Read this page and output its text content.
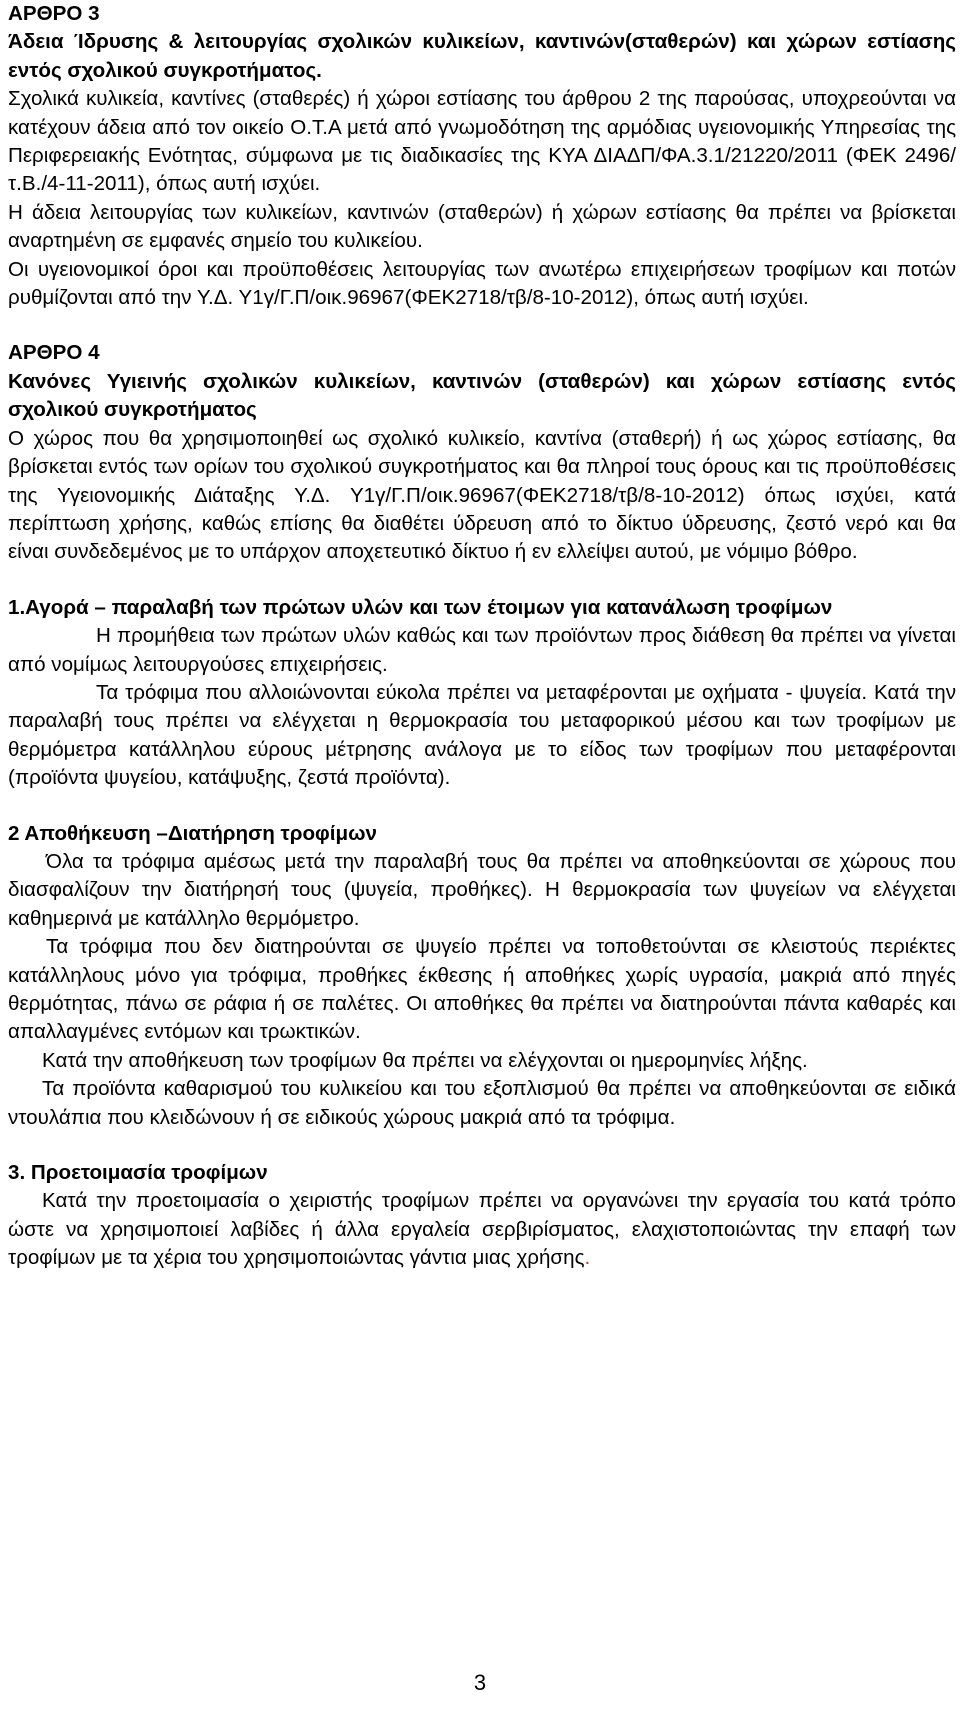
ΑΡΘΡΟ 3

Άδεια Ίδρυσης & λειτουργίας σχολικών κυλικείων, καντινών(σταθερών) και χώρων εστίασης εντός σχολικού συγκροτήματος.

Σχολικά κυλικεία, καντίνες (σταθερές) ή χώροι εστίασης του άρθρου 2 της παρούσας, υποχρεούνται να κατέχουν άδεια από τον οικείο Ο.Τ.Α μετά από γνωμοδότηση της αρμόδιας υγειονομικής Υπηρεσίας της Περιφερειακής Ενότητας, σύμφωνα με τις διαδικασίες της ΚΥΑ ΔΙΑΔΠ/ΦΑ.3.1/21220/2011 (ΦΕΚ 2496/τ.Β./4-11-2011), όπως αυτή ισχύει.

Η άδεια λειτουργίας των κυλικείων, καντινών (σταθερών) ή χώρων εστίασης θα πρέπει να βρίσκεται αναρτημένη σε εμφανές σημείο του κυλικείου.

Οι υγειονομικοί όροι και προϋποθέσεις λειτουργίας των ανωτέρω επιχειρήσεων τροφίμων και ποτών ρυθμίζονται από την Υ.Δ. Υ1γ/Γ.Π/οικ.96967(ΦΕΚ2718/τβ/8-10-2012), όπως αυτή ισχύει.

ΑΡΘΡΟ 4

Κανόνες Υγιεινής σχολικών κυλικείων, καντινών (σταθερών) και χώρων εστίασης εντός σχολικού συγκροτήματος

Ο χώρος που θα χρησιμοποιηθεί ως σχολικό κυλικείο, καντίνα (σταθερή) ή ως χώρος εστίασης, θα βρίσκεται εντός των ορίων του σχολικού συγκροτήματος και θα πληροί τους όρους και τις προϋποθέσεις της Υγειονομικής Διάταξης Υ.Δ. Υ1γ/Γ.Π/οικ.96967(ΦΕΚ2718/τβ/8-10-2012) όπως ισχύει, κατά περίπτωση χρήσης, καθώς επίσης θα διαθέτει ύδρευση από το δίκτυο ύδρευσης, ζεστό νερό και θα είναι συνδεδεμένος με το υπάρχον αποχετευτικό δίκτυο ή εν ελλείψει αυτού, με νόμιμο βόθρο.

1.Αγορά – παραλαβή των πρώτων υλών και των έτοιμων για κατανάλωση τροφίμων

Η προμήθεια των πρώτων υλών καθώς και των προϊόντων προς διάθεση θα πρέπει να γίνεται από νομίμως λειτουργούσες επιχειρήσεις.

Τα τρόφιμα που αλλοιώνονται εύκολα πρέπει να μεταφέρονται με οχήματα - ψυγεία. Κατά την παραλαβή τους πρέπει να ελέγχεται η θερμοκρασία του μεταφορικού μέσου και των τροφίμων με θερμόμετρα κατάλληλου εύρους μέτρησης ανάλογα με το είδος των τροφίμων που μεταφέρονται (προϊόντα ψυγείου, κατάψυξης, ζεστά προϊόντα).

2 Αποθήκευση –Διατήρηση τροφίμων

Όλα τα τρόφιμα αμέσως μετά την παραλαβή τους θα πρέπει να αποθηκεύονται σε χώρους που διασφαλίζουν την διατήρησή τους (ψυγεία, προθήκες). Η θερμοκρασία των ψυγείων να ελέγχεται καθημερινά με κατάλληλο θερμόμετρο.

Τα τρόφιμα που δεν διατηρούνται σε ψυγείο πρέπει να τοποθετούνται σε κλειστούς περιέκτες κατάλληλους μόνο για τρόφιμα, προθήκες έκθεσης ή αποθήκες χωρίς υγρασία, μακριά από πηγές θερμότητας, πάνω σε ράφια ή σε παλέτες. Οι αποθήκες θα πρέπει να διατηρούνται πάντα καθαρές και απαλλαγμένες εντόμων και τρωκτικών.

Κατά την αποθήκευση των τροφίμων θα πρέπει να ελέγχονται οι ημερομηνίες λήξης.

Τα προϊόντα καθαρισμού του κυλικείου και του εξοπλισμού θα πρέπει να αποθηκεύονται σε ειδικά ντουλάπια που κλειδώνουν ή σε ειδικούς χώρους μακριά από τα τρόφιμα.

3. Προετοιμασία τροφίμων

Κατά την προετοιμασία ο χειριστής τροφίμων πρέπει να οργανώνει την εργασία του κατά τρόπο ώστε να χρησιμοποιεί λαβίδες ή άλλα εργαλεία σερβιρίσματος, ελαχιστοποιώντας την επαφή των τροφίμων με τα χέρια του χρησιμοποιώντας γάντια μιας χρήσης.

3
